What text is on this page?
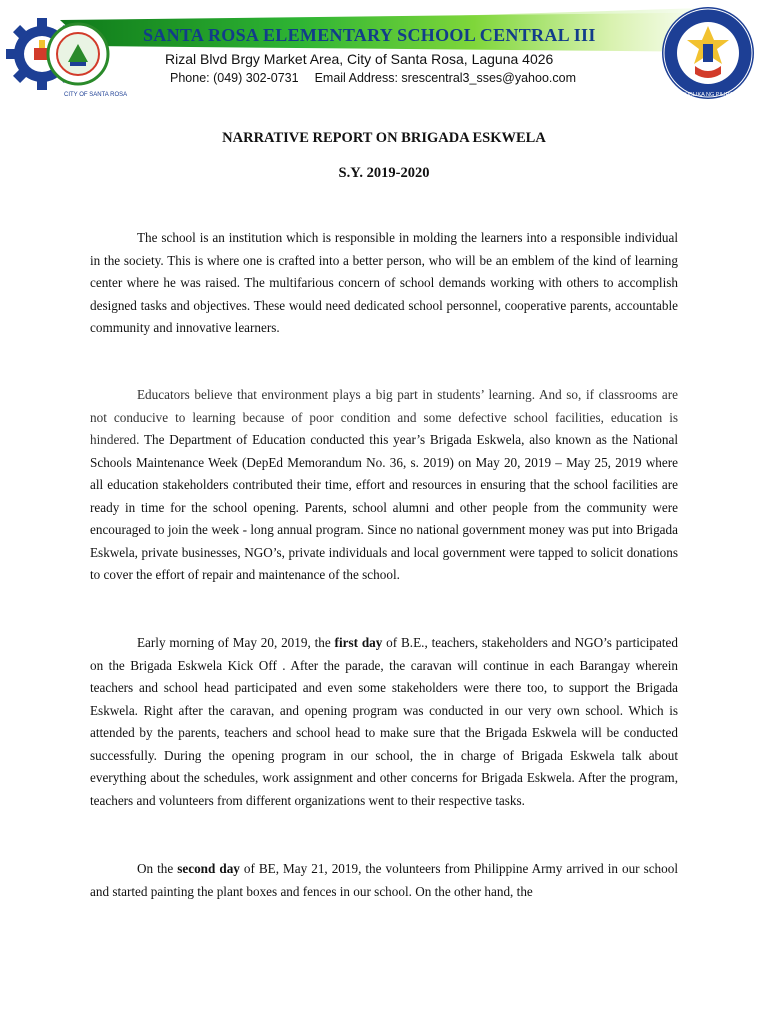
CITY OF SANTA ROSA
SANTA ROSA ELEMENTARY SCHOOL CENTRAL III
Rizal Blvd Brgy Market Area, City of Santa Rosa, Laguna 4026
Phone: (049) 302-0731 Email Address: srescentral3_sses@yahoo.com
REPUBLIKA NG PILIPINAS
NARRATIVE REPORT ON BRIGADA ESKWELA
S.Y. 2019-2020

The school is an institution which is responsible in molding the learners into a responsible individual in the society. This is where one is crafted into a better person, who will be an emblem of the kind of learning center where he was raised. The multifarious concern of school demands working with others to accomplish designed tasks and objectives. These would need dedicated school personnel, cooperative parents, accountable community and innovative learners.

Educators believe that environment plays a big part in students’ learning. And so, if classrooms are not conducive to learning because of poor condition and some defective school facilities, education is hindered. The Department of Education conducted this year’s Brigada Eskwela, also known as the National Schools Maintenance Week (DepEd Memorandum No. 36, s. 2019) on May 20, 2019 – May 25, 2019 where all education stakeholders contributed their time, effort and resources in ensuring that the school facilities are ready in time for the school opening. Parents, school alumni and other people from the community were encouraged to join the week - long annual program. Since no national government money was put into Brigada Eskwela, private businesses, NGO’s, private individuals and local government were tapped to solicit donations to cover the effort of repair and maintenance of the school.

Early morning of May 20, 2019, the first day of B.E., teachers, stakeholders and NGO’s participated on the Brigada Eskwela Kick Off . After the parade, the caravan will continue in each Barangay wherein teachers and school head participated and even some stakeholders were there too, to support the Brigada Eskwela. Right after the caravan, and opening program was conducted in our very own school. Which is attended by the parents, teachers and school head to make sure that the Brigada Eskwela will be conducted successfully. During the opening program in our school, the in charge of Brigada Eskwela talk about everything about the schedules, work assignment and other concerns for Brigada Eskwela. After the program, teachers and volunteers from different organizations went to their respective tasks.

On the second day of BE, May 21, 2019, the volunteers from Philippine Army arrived in our school and started painting the plant boxes and fences in our school. On the other hand, the
